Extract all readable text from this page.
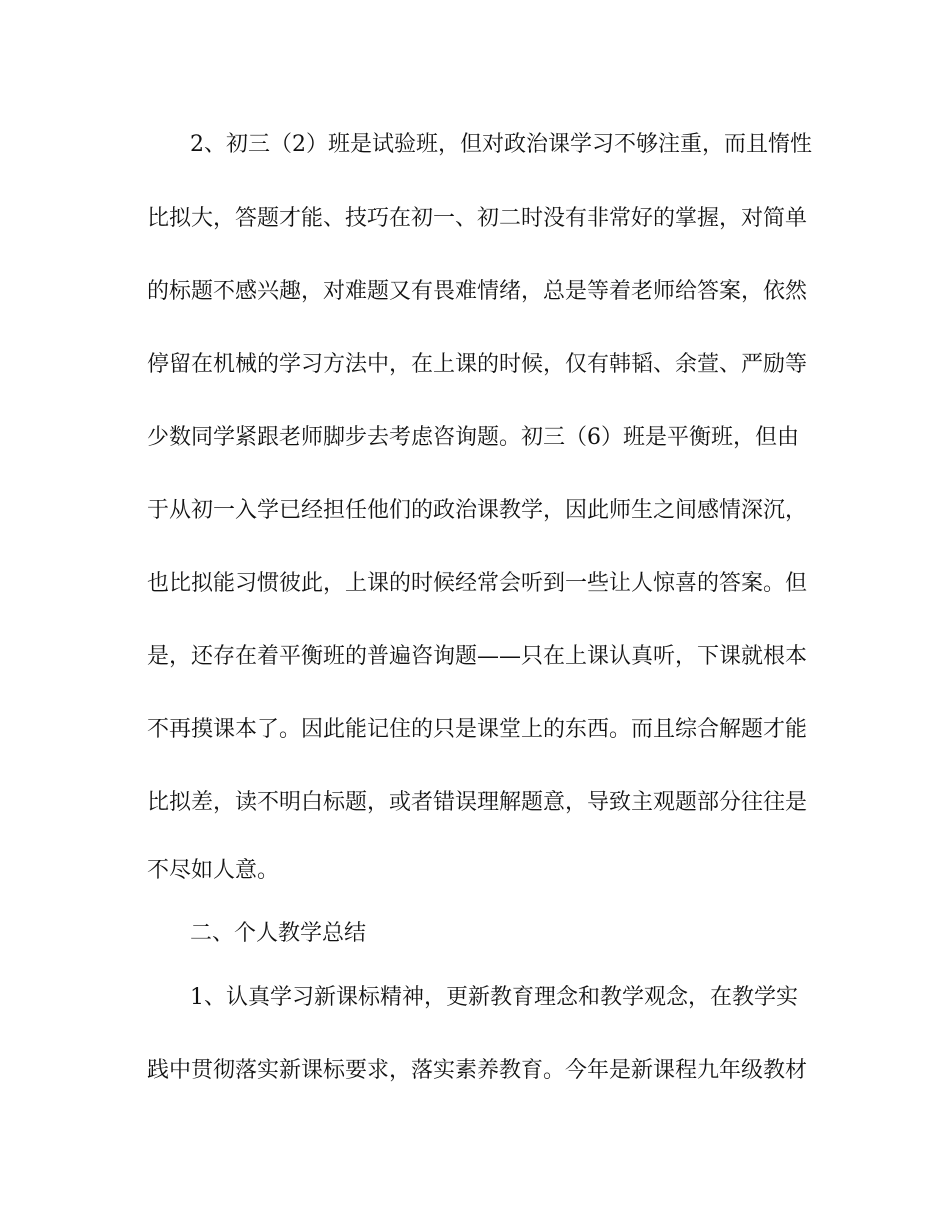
2、初三（2）班是试验班，但对政治课学习不够注重，而且惰性
比拟大，答题才能、技巧在初一、初二时没有非常好的掌握，对简单
的标题不感兴趣，对难题又有畏难情绪，总是等着老师给答案，依然
停留在机械的学习方法中，在上课的时候，仅有韩韬、余萱、严励等
少数同学紧跟老师脚步去考虑咨询题。初三（6）班是平衡班，但由
于从初一入学已经担任他们的政治课教学，因此师生之间感情深沉，
也比拟能习惯彼此，上课的时候经常会听到一些让人惊喜的答案。但
是，还存在着平衡班的普遍咨询题——只在上课认真听，下课就根本
不再摸课本了。因此能记住的只是课堂上的东西。而且综合解题才能
比拟差，读不明白标题，或者错误理解题意，导致主观题部分往往是
不尽如人意。
二、个人教学总结
1、认真学习新课标精神，更新教育理念和教学观念，在教学实
践中贯彻落实新课标要求，落实素养教育。今年是新课程九年级教材
